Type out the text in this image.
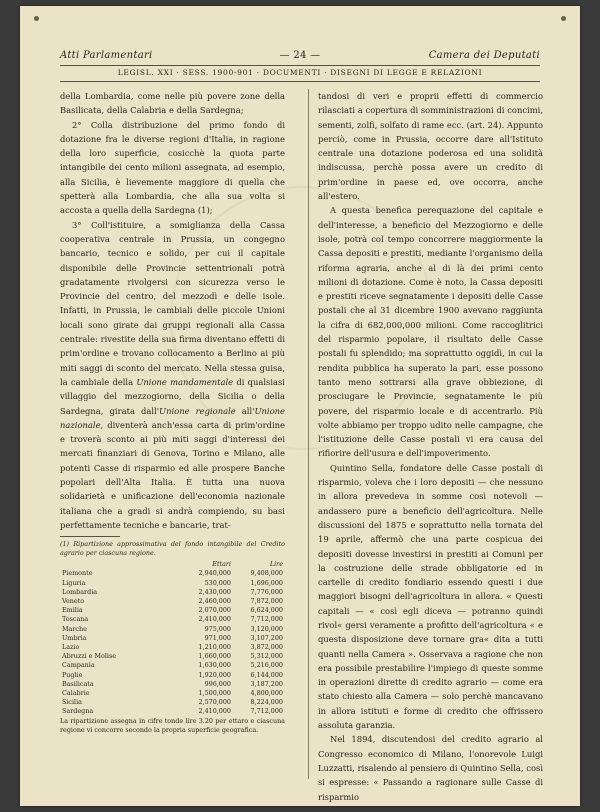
Atti Parlamentari	— 24 —	Camera dei Deputati
LEGISL. XXI · SESS. 1900-901 · DOCUMENTI · DISEGNI DI LEGGE E RELAZIONI

della Lombardia, come nelle più povere zone della Basilicata, della Calabria e della Sardegna;

2° Colla distribuzione del primo fondo di dotazione fra le diverse regioni d'Italia, in ragione della loro superficie, cosicchè la quota parte intangibile dei cento milioni assegnata, ad esempio, alla Sicilia, è lievemente maggiore di quella che spetterà alla Lombardia, che alla sua volta si accosta a quella della Sardegna (1);

3° Coll'istituire, a somiglianza della Cassa cooperativa centrale in Prussia, un congegno bancario, tecnico e solido, per cui il capitale disponibile delle Provincie settentrionali potrà gradatamente rivolgersi con sicurezza verso le Provincie del centro, del mezzodì e delle isole. Infatti, in Prussia, le cambiali delle piccole Unioni locali sono girate dai gruppi regionali alla Cassa centrale: rivestite della sua firma diventano effetti di prim'ordine e trovano collocamento a Berlino ai più miti saggi di sconto del mercato. Nella stessa guisa, la cambiale della Unione mandamentale di qualsiasi villaggio del mezzogiorno, della Sicilia o della Sardegna, girata dall'Unione regionale all'Unione nazionale, diventerà anch'essa carta di prim'ordine e troverà sconto ai più miti saggi d'interessi dei mercati finanziari di Genova, Torino e Milano, alle potenti Casse di risparmio ed alle prospere Banche popolari dell'Alta Italia. È tutta una nuova solidarietà e unificazione dell'economia nazionale italiana che a gradi si andrà compiendo, su basi perfettamente tecniche e bancarie, trat-

(1) Ripartizione approssimativa del fondo intangibile del Credito agrario per ciascuna regione.
	Ettari	Lire
Piemonte	2,940,000	9,408,000
Liguria	530,000	1,696,000
Lombardia	2,430,000	7,776,000
Veneto	2,460,000	7,872,000
Emilia	2,070,000	6,624,000
Toscana	2,410,000	7,712,000
Marche	975,000	3,120,000
Umbria	971,000	3,107,200
Lazio	1,210,000	3,872,000
Abruzzi e Molise	1,660,000	5,312,000
Campania	1,630,000	5,216,000
Puglie	1,920,000	6,144,000
Basilicata	996,000	3,187,200
Calabrie	1,500,000	4,800,000
Sicilia	2,570,000	8,224,000
Sardegna	2,410,000	7,712,000
La ripartizione assegna in cifre tonde lire 3.20 per ettaro e ciascuna regione vi concorre secondo la propria superficie geografica.

tandosi di veri e proprii effetti di commercio rilasciati a copertura di somministrazioni di concimi, sementi, zolfi, solfato di rame ecc. (art. 24). Appunto perciò, come in Prussia, occorre dare all'Istituto centrale una dotazione poderosa ed una solidità indiscussa, perchè possa avere un credito di prim'ordine in paese ed, ove occorra, anche all'estero.

A questa benefica perequazione del capitale e dell'interesse, a beneficio del Mezzogiorno e delle isole, potrà col tempo concorrere maggiormente la Cassa depositi e prestiti, mediante l'organismo della riforma agraria, anche al di là dei primi cento milioni di dotazione. Come è noto, la Cassa depositi e prestiti riceve segnatamente i depositi delle Casse postali che al 31 dicembre 1900 avevano raggiunta la cifra di 682,000,000 milioni. Come raccoglitrici del risparmio popolare, il risultato delle Casse postali fu splendido; ma soprattutto oggidì, in cui la rendita pubblica ha superato la pari, esse possono tanto meno sottrarsi alla grave obbiezione, di prosciugare le Provincie, segnatamente le più povere, del risparmio locale e di accentrarlo. Più volte abbiamo per troppo udito nelle campagne, che l'istituzione delle Casse postali vi era causa del rifiorire dell'usura e dell'impoverimento.

Quintino Sella, fondatore delle Casse postali di risparmio, voleva che i loro depositi — che nessuno in allora prevedeva in somme così notevoli — andassero pure a beneficio dell'agricoltura. Nelle discussioni del 1875 e soprattutto nella tornata del 19 aprile, affermò che una parte cospicua dei depositi dovesse investirsi in prestiti ai Comuni per la costruzione delle strade obbligatorie ed in cartelle di credito fondiario essendo questi i due maggiori bisogni dell'agricoltura in allora. « Questi capitali — « così egli diceva — potranno quindi rivol« gersi veramente a profitto dell'agricoltura « e questa disposizione deve tornare gra« dita a tutti quanti nella Camera ». Osservava a ragione che non era possibile prestabilire l'impiego di queste somme in operazioni dirette di credito agrario — come era stato chiesto alla Camera — solo perchè mancavano in allora istituti e forme di credito che offrissero assoluta garanzia.

Nel 1894, discutendosi del credito agrario al Congresso economico di Milano, l'onorevole Luigi Luzzatti, risalendo al pensiero di Quintino Sella, così si espresse: « Passando a ragionare sulle Casse di risparmio
